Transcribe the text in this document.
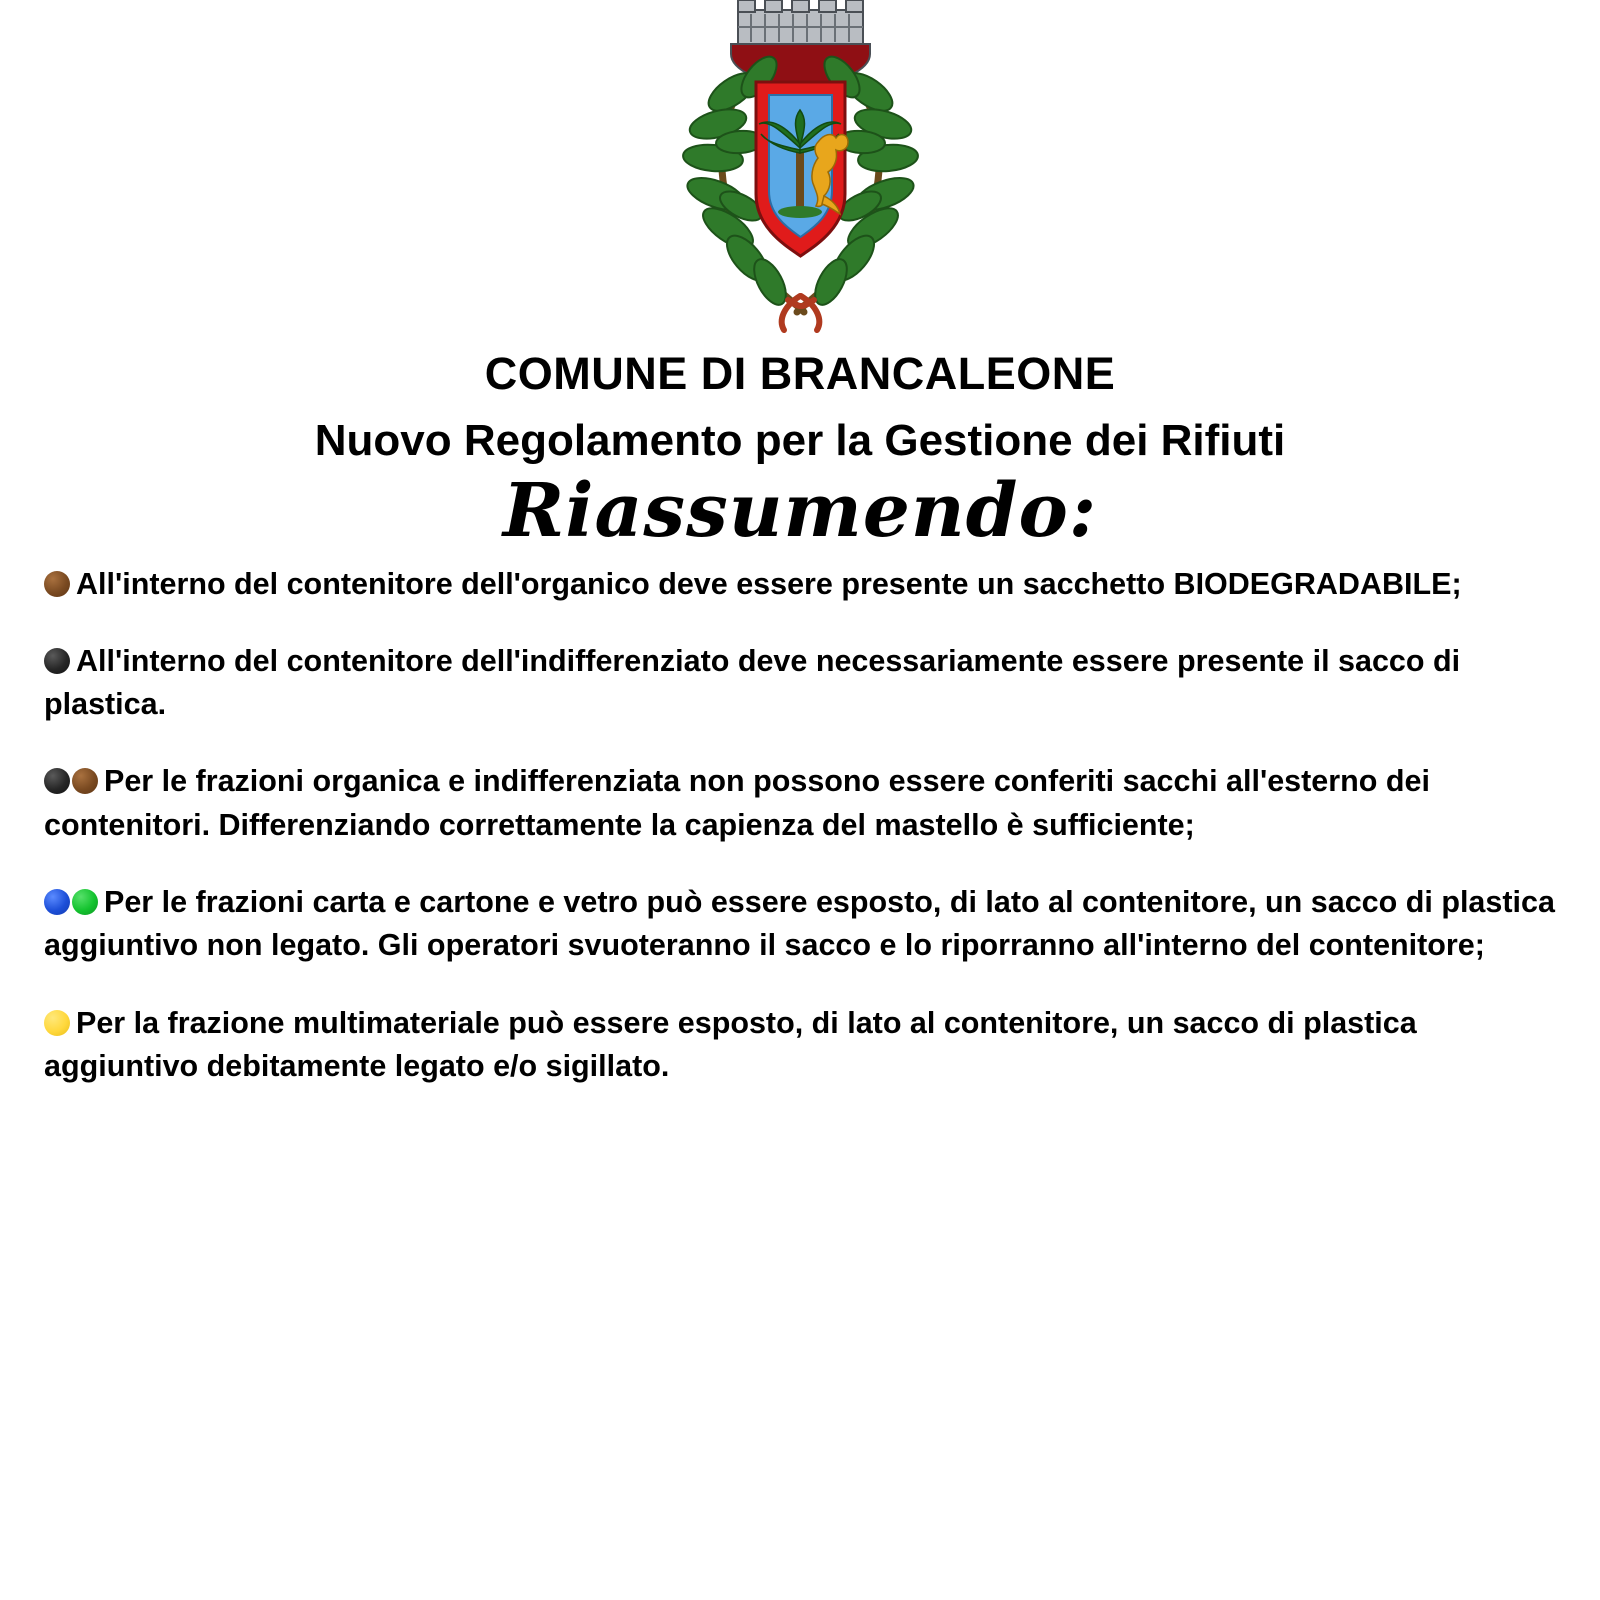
COMUNE DI BRANCALEONE
Nuovo Regolamento per la Gestione dei Rifiuti
Riassumendo:

All'interno del contenitore dell'organico deve essere presente un sacchetto BIODEGRADABILE;

All'interno del contenitore dell'indifferenziato deve necessariamente essere presente il sacco di plastica.

Per le frazioni organica e indifferenziata non possono essere conferiti sacchi all'esterno dei contenitori. Differenziando correttamente la capienza del mastello è sufficiente;

Per le frazioni carta e cartone e vetro può essere esposto, di lato al contenitore, un sacco di plastica aggiuntivo non legato. Gli operatori svuoteranno il sacco e lo riporranno all'interno del contenitore;

Per la frazione multimateriale può essere esposto, di lato al contenitore, un sacco di plastica aggiuntivo debitamente legato e/o sigillato.
